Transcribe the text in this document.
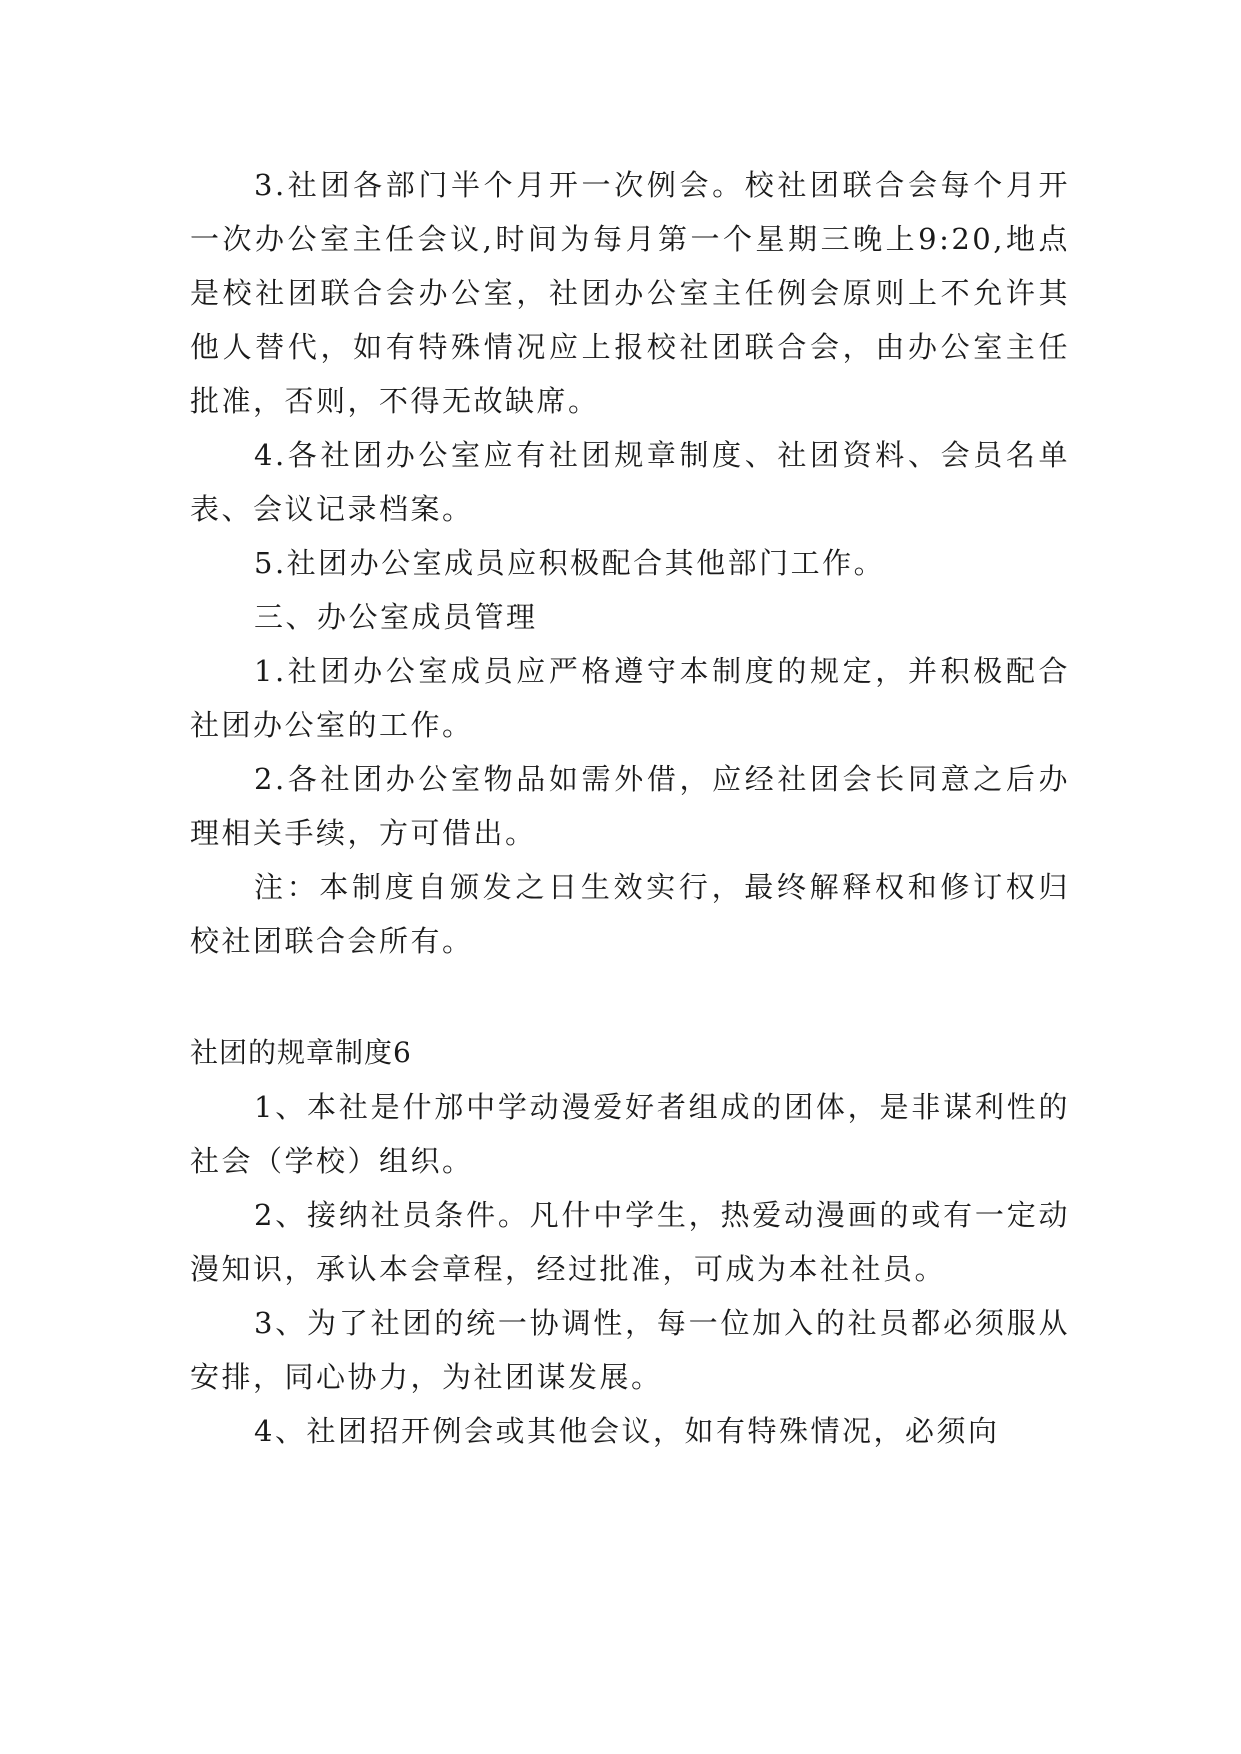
3.社团各部门半个月开一次例会。校社团联合会每个月开一次办公室主任会议,时间为每月第一个星期三晚上9:20,地点是校社团联合会办公室，社团办公室主任例会原则上不允许其他人替代，如有特殊情况应上报校社团联合会，由办公室主任批准，否则，不得无故缺席。

4.各社团办公室应有社团规章制度、社团资料、会员名单表、会议记录档案。

5.社团办公室成员应积极配合其他部门工作。

三、办公室成员管理

1.社团办公室成员应严格遵守本制度的规定，并积极配合社团办公室的工作。

2.各社团办公室物品如需外借，应经社团会长同意之后办理相关手续，方可借出。

注：本制度自颁发之日生效实行，最终解释权和修订权归校社团联合会所有。

社团的规章制度6

1、本社是什邡中学动漫爱好者组成的团体，是非谋利性的社会（学校）组织。

2、接纳社员条件。凡什中学生，热爱动漫画的或有一定动漫知识，承认本会章程，经过批准，可成为本社社员。

3、为了社团的统一协调性，每一位加入的社员都必须服从安排，同心协力，为社团谋发展。

4、社团招开例会或其他会议，如有特殊情况，必须向
